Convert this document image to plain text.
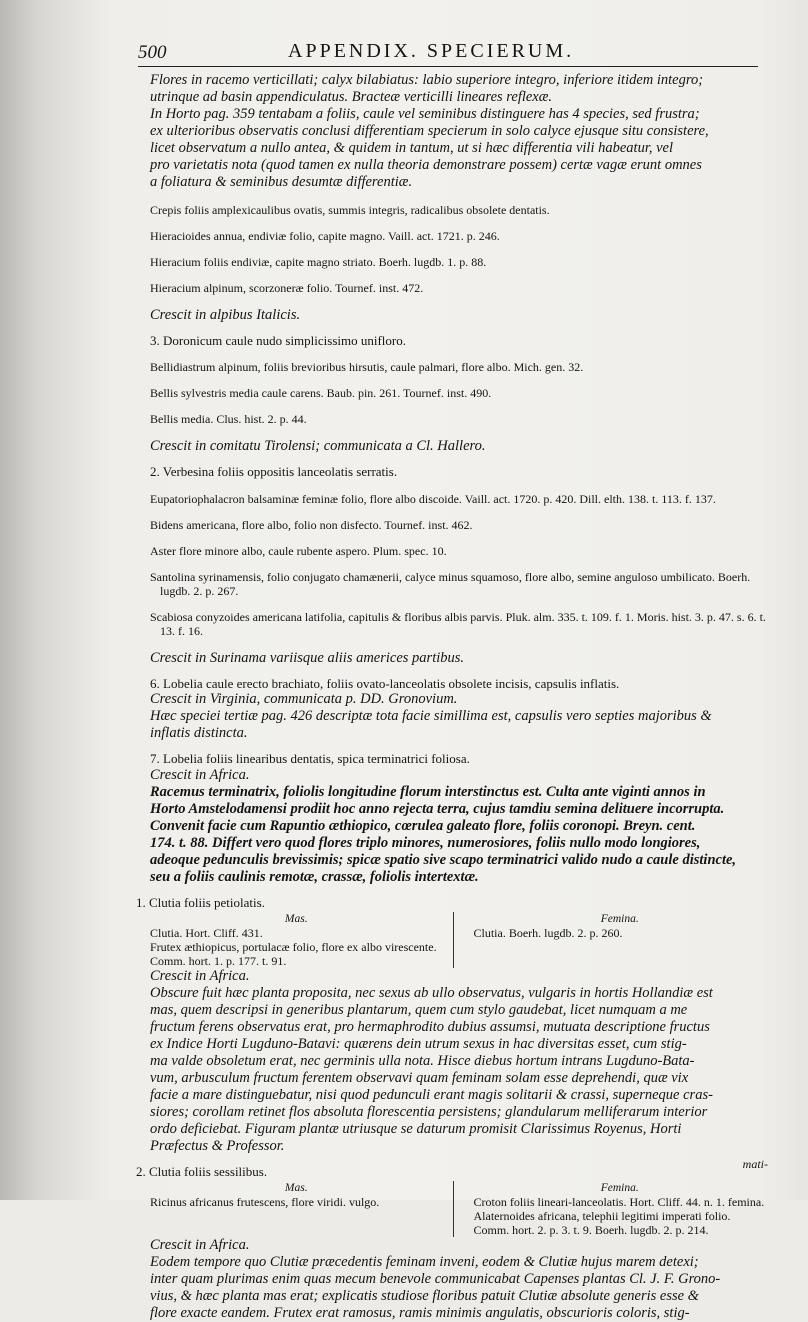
500	APPENDIX. SPECIERUM.

Flores in racemo verticillati; calyx bilabiatus: labio superiore integro, inferiore itidem integro;

utrinque ad basin appendiculatus. Bracteæ verticilli lineares reflexæ.

In Horto pag. 359 tentabam a foliis, caule vel seminibus distinguere has 4 species, sed frustra;

ex ulterioribus observatis conclusi differentiam specierum in solo calyce ejusque situ consistere,

licet observatum a nullo antea, & quidem in tantum, ut si hæc differentia vili habeatur, vel

pro varietatis nota (quod tamen ex nulla theoria demonstrare possem) certæ vagæ erunt omnes

a foliatura & seminibus desumtæ differentiæ.

Crepis foliis amplexicaulibus ovatis, summis integris, radicalibus obsolete dentatis.

Hieracioides annua, endiviæ folio, capite magno. Vaill. act. 1721. p. 246.

Hieracium foliis endiviæ, capite magno striato. Boerh. lugdb. 1. p. 88.

Hieracium alpinum, scorzoneræ folio. Tournef. inst. 472.

Crescit in alpibus Italicis.

3. Doronicum caule nudo simplicissimo unifloro.

Bellidiastrum alpinum, foliis brevioribus hirsutis, caule palmari, flore albo. Mich. gen. 32.

Bellis sylvestris media caule carens. Baub. pin. 261. Tournef. inst. 490.

Bellis media. Clus. hist. 2. p. 44.

Crescit in comitatu Tirolensi; communicata a Cl. Hallero.

2. Verbesina foliis oppositis lanceolatis serratis.

Eupatoriophalacron balsaminæ feminæ folio, flore albo discoide. Vaill. act. 1720. p. 420. Dill. elth. 138. t. 113. f. 137.

Bidens americana, flore albo, folio non disfecto. Tournef. inst. 462.

Aster flore minore albo, caule rubente aspero. Plum. spec. 10.

Santolina syrinamensis, folio conjugato chamænerii, calyce minus squamoso, flore albo, semine anguloso umbilicato. Boerh. lugdb. 2. p. 267.

Scabiosa conyzoides americana latifolia, capitulis & floribus albis parvis. Pluk. alm. 335. t. 109. f. 1. Moris. hist. 3. p. 47. s. 6. t. 13. f. 16.

Crescit in Surinama variisque aliis americes partibus.

6. Lobelia caule erecto brachiato, foliis ovato-lanceolatis obsolete incisis, capsulis inflatis.

Crescit in Virginia, communicata p. DD. Gronovium.

Hæc speciei tertiæ pag. 426 descriptæ tota facie simillima est, capsulis vero septies majoribus &

inflatis distincta.

7. Lobelia foliis linearibus dentatis, spica terminatrici foliosa.

Crescit in Africa.

Racemus terminatrix, foliolis longitudine florum interstinctus est. Culta ante viginti annos in

Horto Amstelodamensi prodiit hoc anno rejecta terra, cujus tamdiu semina delituere incorrupta.

Convenit facie cum Rapuntio æthiopico, cœrulea galeato flore, foliis coronopi. Breyn. cent.

174. t. 88. Differt vero quod flores triplo minores, numerosiores, foliis nullo modo longiores,

adeoque pedunculis brevissimis; spicæ spatio sive scapo terminatrici valido nudo a caule distincte,

seu a foliis caulinis remotæ, crassæ, foliolis intertextæ.

1. Clutia foliis petiolatis.

Mas.
Clutia. Hort. Cliff. 431.
Frutex æthiopicus, portulacæ folio, flore ex albo virescente. Comm. hort. 1. p. 177. t. 91.
Femina.
Clutia. Boerh. lugdb. 2. p. 260.

Crescit in Africa.

Obscure fuit hæc planta proposita, nec sexus ab ullo observatus, vulgaris in hortis Hollandiæ est

mas, quem descripsi in generibus plantarum, quem cum stylo gaudebat, licet numquam a me

fructum ferens observatus erat, pro hermaphrodito dubius assumsi, mutuata descriptione fructus

ex Indice Horti Lugduno-Batavi: quærens dein utrum sexus in hac diversitas esset, cum stig-

ma valde obsoletum erat, nec germinis ulla nota. Hisce diebus hortum intrans Lugduno-Bata-

vum, arbusculum fructum ferentem observavi quam feminam solam esse deprehendi, quæ vix

facie a mare distinguebatur, nisi quod pedunculi erant magis solitarii & crassi, superneque cras-

siores; corollam retinet flos absoluta florescentia persistens; glandularum melliferarum interior

ordo deficiebat. Figuram plantæ utriusque se daturum promisit Clarissimus Royenus, Horti

Præfectus & Professor.

2. Clutia foliis sessilibus.

Mas.
Ricinus africanus frutescens, flore viridi. vulgo.
Femina.
Croton foliis lineari-lanceolatis. Hort. Cliff. 44. n. 1. femina.
Alaternoides africana, telephii legitimi imperati folio. Comm. hort. 2. p. 3. t. 9. Boerh. lugdb. 2. p. 214.

Crescit in Africa.

Eodem tempore quo Clutiæ præcedentis feminam inveni, eodem & Clutiæ hujus marem detexi;

inter quam plurimas enim quas mecum benevole communicabat Capenses plantas Cl. J. F. Grono-

vius, & hæc planta mas erat; explicatis studiose floribus patuit Clutiæ absolute generis esse &

flore exacte eandem. Frutex erat ramosus, ramis minimis angulatis, obscurioris coloris, stig-

mati-
